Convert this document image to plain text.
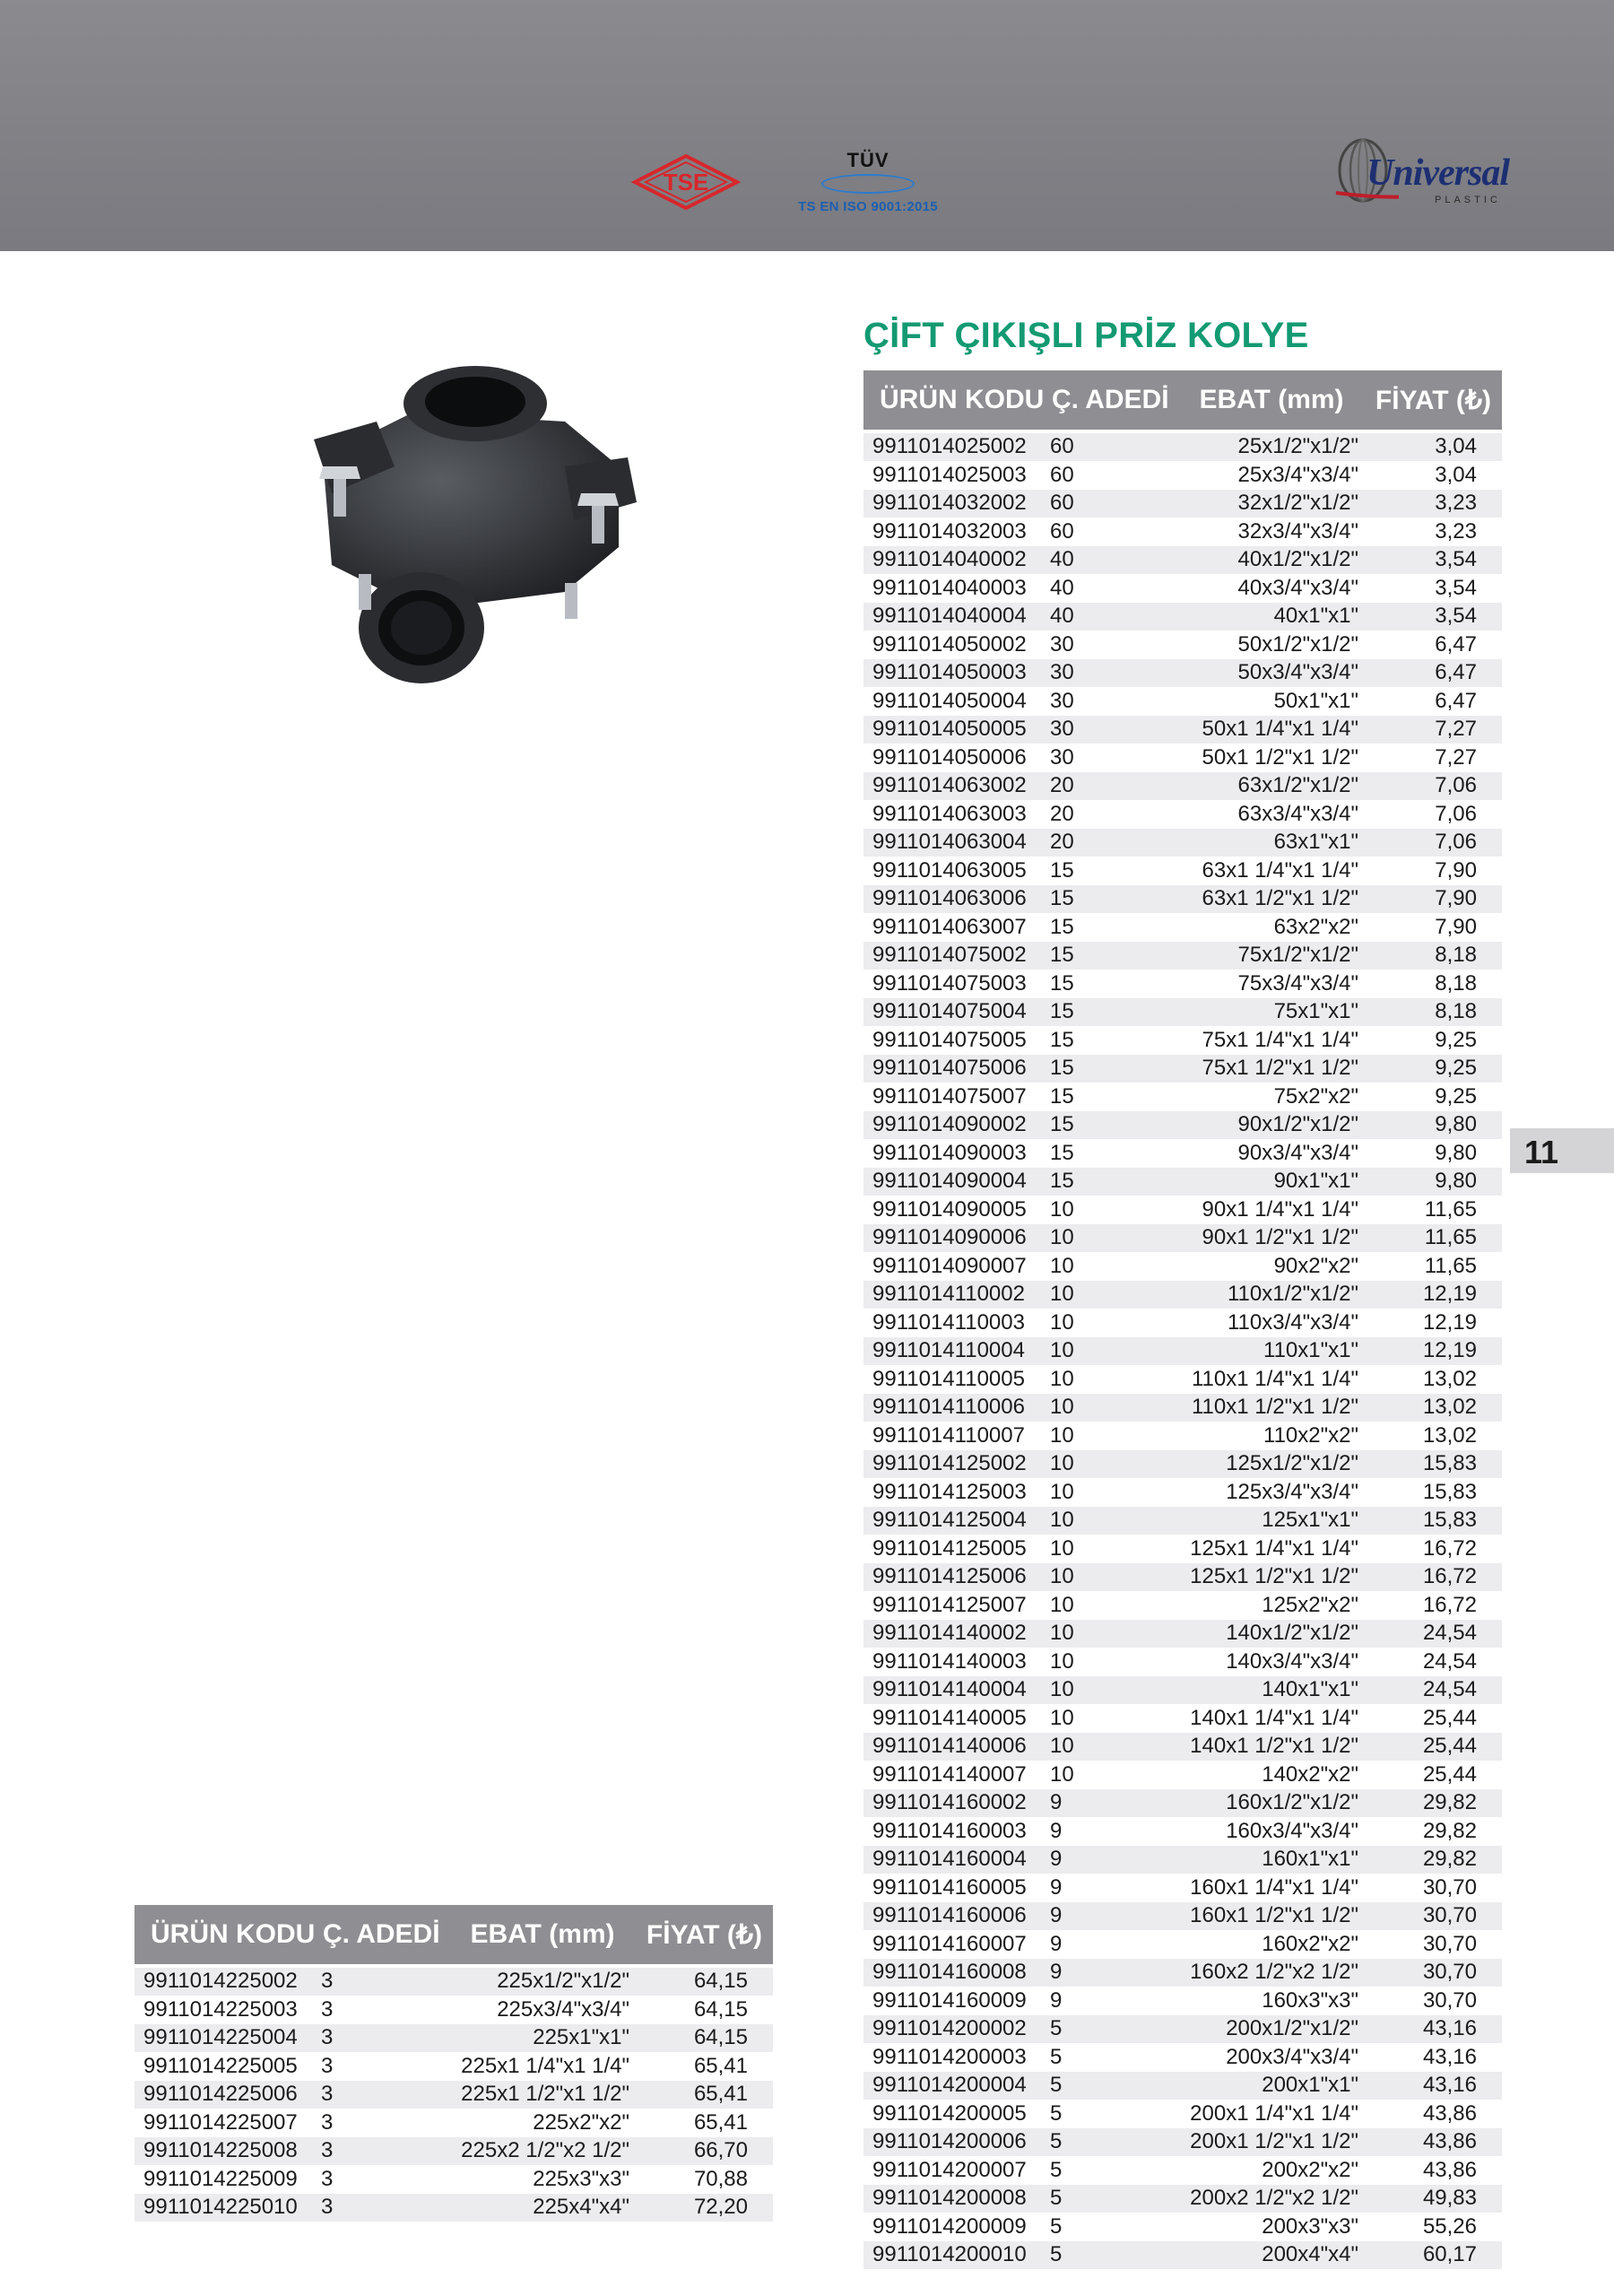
TSE
TÜV
TS EN ISO 9001:2015
Universal
PLASTIC
ÇİFT ÇIKIŞLI PRİZ KOLYE
ÜRÜN KODU	Ç. ADEDİ	EBAT (mm)	FİYAT (₺)
9911014025002	60	25x1/2"x1/2"	3,04
9911014025003	60	25x3/4"x3/4"	3,04
9911014032002	60	32x1/2"x1/2"	3,23
9911014032003	60	32x3/4"x3/4"	3,23
9911014040002	40	40x1/2"x1/2"	3,54
9911014040003	40	40x3/4"x3/4"	3,54
9911014040004	40	40x1"x1"	3,54
9911014050002	30	50x1/2"x1/2"	6,47
9911014050003	30	50x3/4"x3/4"	6,47
9911014050004	30	50x1"x1"	6,47
9911014050005	30	50x1 1/4"x1 1/4"	7,27
9911014050006	30	50x1 1/2"x1 1/2"	7,27
9911014063002	20	63x1/2"x1/2"	7,06
9911014063003	20	63x3/4"x3/4"	7,06
9911014063004	20	63x1"x1"	7,06
9911014063005	15	63x1 1/4"x1 1/4"	7,90
9911014063006	15	63x1 1/2"x1 1/2"	7,90
9911014063007	15	63x2"x2"	7,90
9911014075002	15	75x1/2"x1/2"	8,18
9911014075003	15	75x3/4"x3/4"	8,18
9911014075004	15	75x1"x1"	8,18
9911014075005	15	75x1 1/4"x1 1/4"	9,25
9911014075006	15	75x1 1/2"x1 1/2"	9,25
9911014075007	15	75x2"x2"	9,25
9911014090002	15	90x1/2"x1/2"	9,80
9911014090003	15	90x3/4"x3/4"	9,80
9911014090004	15	90x1"x1"	9,80
9911014090005	10	90x1 1/4"x1 1/4"	11,65
9911014090006	10	90x1 1/2"x1 1/2"	11,65
9911014090007	10	90x2"x2"	11,65
9911014110002	10	110x1/2"x1/2"	12,19
9911014110003	10	110x3/4"x3/4"	12,19
9911014110004	10	110x1"x1"	12,19
9911014110005	10	110x1 1/4"x1 1/4"	13,02
9911014110006	10	110x1 1/2"x1 1/2"	13,02
9911014110007	10	110x2"x2"	13,02
9911014125002	10	125x1/2"x1/2"	15,83
9911014125003	10	125x3/4"x3/4"	15,83
9911014125004	10	125x1"x1"	15,83
9911014125005	10	125x1 1/4"x1 1/4"	16,72
9911014125006	10	125x1 1/2"x1 1/2"	16,72
9911014125007	10	125x2"x2"	16,72
9911014140002	10	140x1/2"x1/2"	24,54
9911014140003	10	140x3/4"x3/4"	24,54
9911014140004	10	140x1"x1"	24,54
9911014140005	10	140x1 1/4"x1 1/4"	25,44
9911014140006	10	140x1 1/2"x1 1/2"	25,44
9911014140007	10	140x2"x2"	25,44
9911014160002	9	160x1/2"x1/2"	29,82
9911014160003	9	160x3/4"x3/4"	29,82
9911014160004	9	160x1"x1"	29,82
9911014160005	9	160x1 1/4"x1 1/4"	30,70
9911014160006	9	160x1 1/2"x1 1/2"	30,70
9911014160007	9	160x2"x2"	30,70
9911014160008	9	160x2 1/2"x2 1/2"	30,70
9911014160009	9	160x3"x3"	30,70
9911014200002	5	200x1/2"x1/2"	43,16
9911014200003	5	200x3/4"x3/4"	43,16
9911014200004	5	200x1"x1"	43,16
9911014200005	5	200x1 1/4"x1 1/4"	43,86
9911014200006	5	200x1 1/2"x1 1/2"	43,86
9911014200007	5	200x2"x2"	43,86
9911014200008	5	200x2 1/2"x2 1/2"	49,83
9911014200009	5	200x3"x3"	55,26
9911014200010	5	200x4"x4"	60,17
ÜRÜN KODU	Ç. ADEDİ	EBAT (mm)	FİYAT (₺)
9911014225002	3	225x1/2"x1/2"	64,15
9911014225003	3	225x3/4"x3/4"	64,15
9911014225004	3	225x1"x1"	64,15
9911014225005	3	225x1 1/4"x1 1/4"	65,41
9911014225006	3	225x1 1/2"x1 1/2"	65,41
9911014225007	3	225x2"x2"	65,41
9911014225008	3	225x2 1/2"x2 1/2"	66,70
9911014225009	3	225x3"x3"	70,88
9911014225010	3	225x4"x4"	72,20
11
